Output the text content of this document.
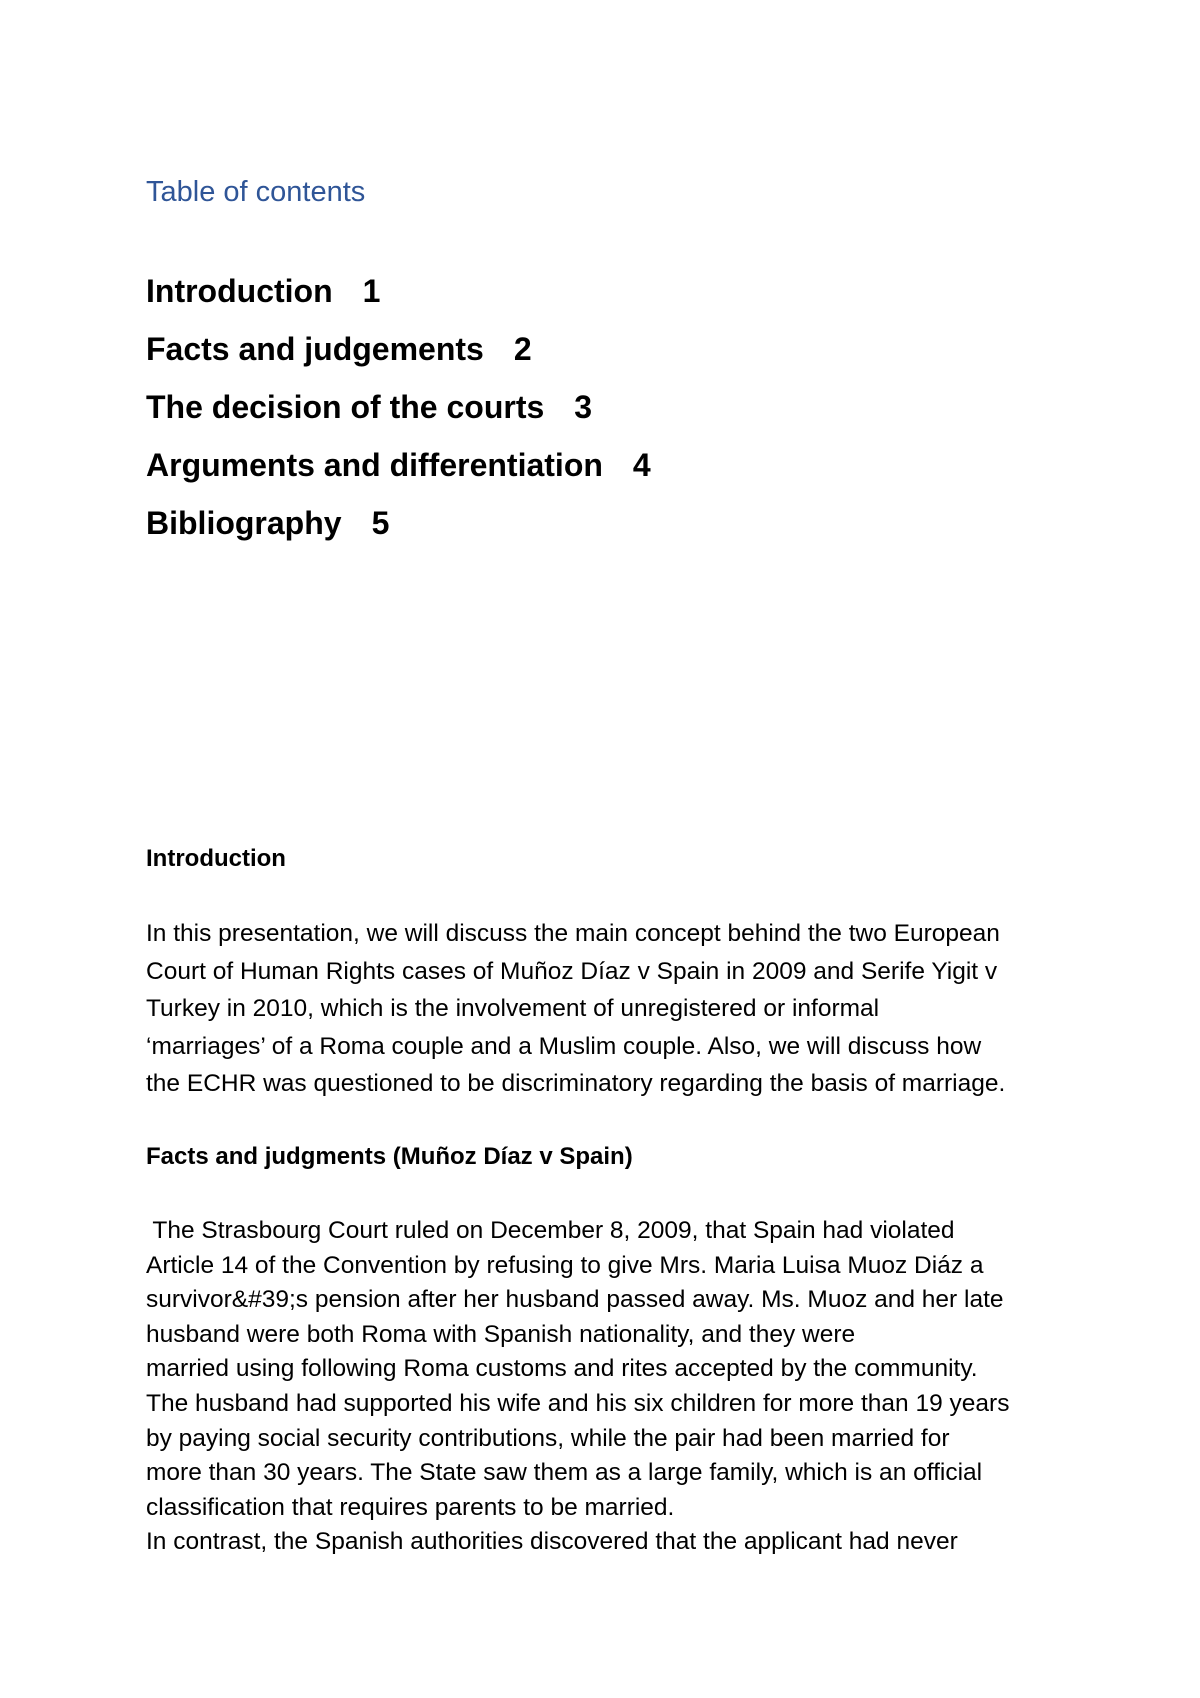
Table of contents
Introduction 1
Facts and judgements 2
The decision of the courts 3
Arguments and differentiation 4
Bibliography 5
Introduction

In this presentation, we will discuss the main concept behind the two European
Court of Human Rights cases of Muñoz Díaz v Spain in 2009 and Serife Yigit v
Turkey in 2010, which is the involvement of unregistered or informal
‘marriages’ of a Roma couple and a Muslim couple. Also, we will discuss how
the ECHR was questioned to be discriminatory regarding the basis of marriage.

Facts and judgments (Muñoz Díaz v Spain)

The Strasbourg Court ruled on December 8, 2009, that Spain had violated
Article 14 of the Convention by refusing to give Mrs. Maria Luisa Muoz Diáz a
survivor&#39;s pension after her husband passed away. Ms. Muoz and her late
husband were both Roma with Spanish nationality, and they were
married using following Roma customs and rites accepted by the community.
The husband had supported his wife and his six children for more than 19 years
by paying social security contributions, while the pair had been married for
more than 30 years. The State saw them as a large family, which is an official
classification that requires parents to be married.
In contrast, the Spanish authorities discovered that the applicant had never
